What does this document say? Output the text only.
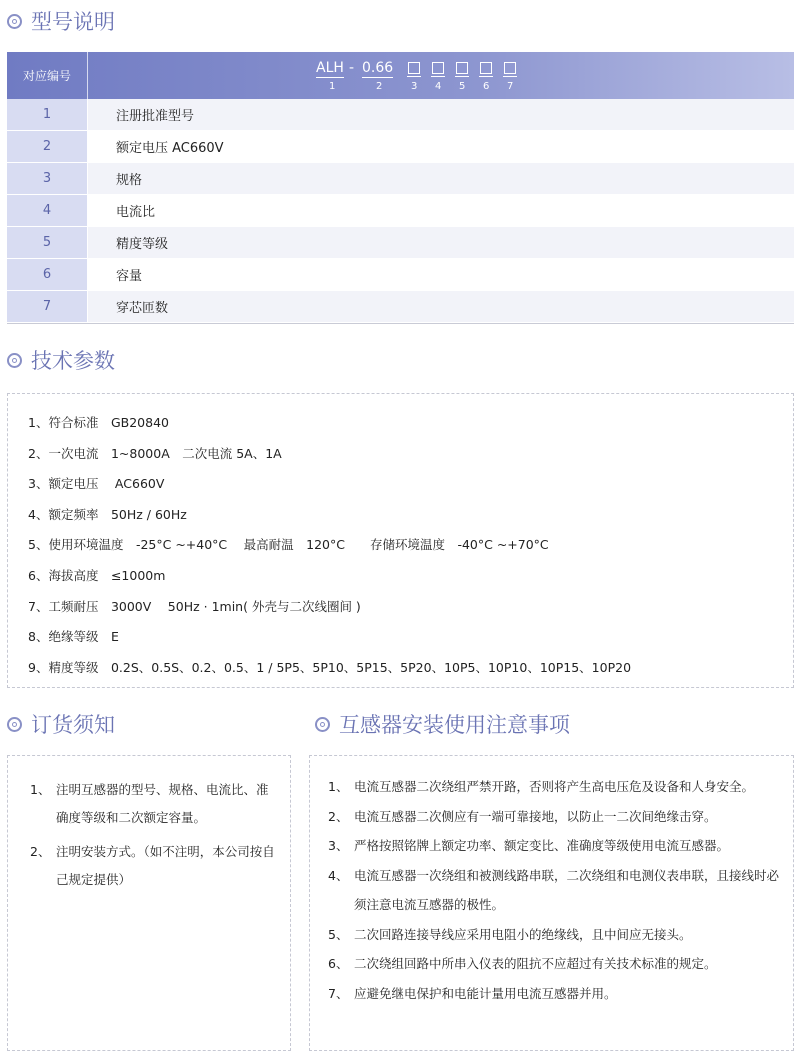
型号说明
对应编号	ALH - 0.66
1	2	3 4 5 6 7
1	注册批准型号
2	额定电压 AC660V
3	规格
4	电流比
5	精度等级
6	容量
7	穿芯匝数
技术参数
1、符合标准　GB20840
2、一次电流　1~8000A　二次电流 5A、1A
3、额定电压　 AC660V
4、额定频率　50Hz / 60Hz
5、使用环境温度　-25°C ~+40°C　 最高耐温　120°C　　存储环境温度　-40°C ~+70°C
6、海拔高度　≤1000m
7、工频耐压　3000V　 50Hz · 1min( 外壳与二次线圈间 )
8、绝缘等级　E
9、精度等级　0.2S、0.5S、0.2、0.5、1 / 5P5、5P10、5P15、5P20、10P5、10P10、10P15、10P20
订货须知	互感器安装使用注意事项
1、 注明互感器的型号、规格、电流比、准确度等级和二次额定容量。
2、 注明安装方式。（如不注明，本公司按自己规定提供）
1、 电流互感器二次绕组严禁开路，否则将产生高电压危及设备和人身安全。
2、 电流互感器二次侧应有一端可靠接地，以防止一二次间绝缘击穿。
3、 严格按照铭牌上额定功率、额定变比、准确度等级使用电流互感器。
4、 电流互感器一次绕组和被测线路串联，二次绕组和电测仪表串联，且接线时必须注意电流互感器的极性。
5、 二次回路连接导线应采用电阻小的绝缘线，且中间应无接头。
6、 二次绕组回路中所串入仪表的阻抗不应超过有关技术标准的规定。
7、 应避免继电保护和电能计量用电流互感器并用。
